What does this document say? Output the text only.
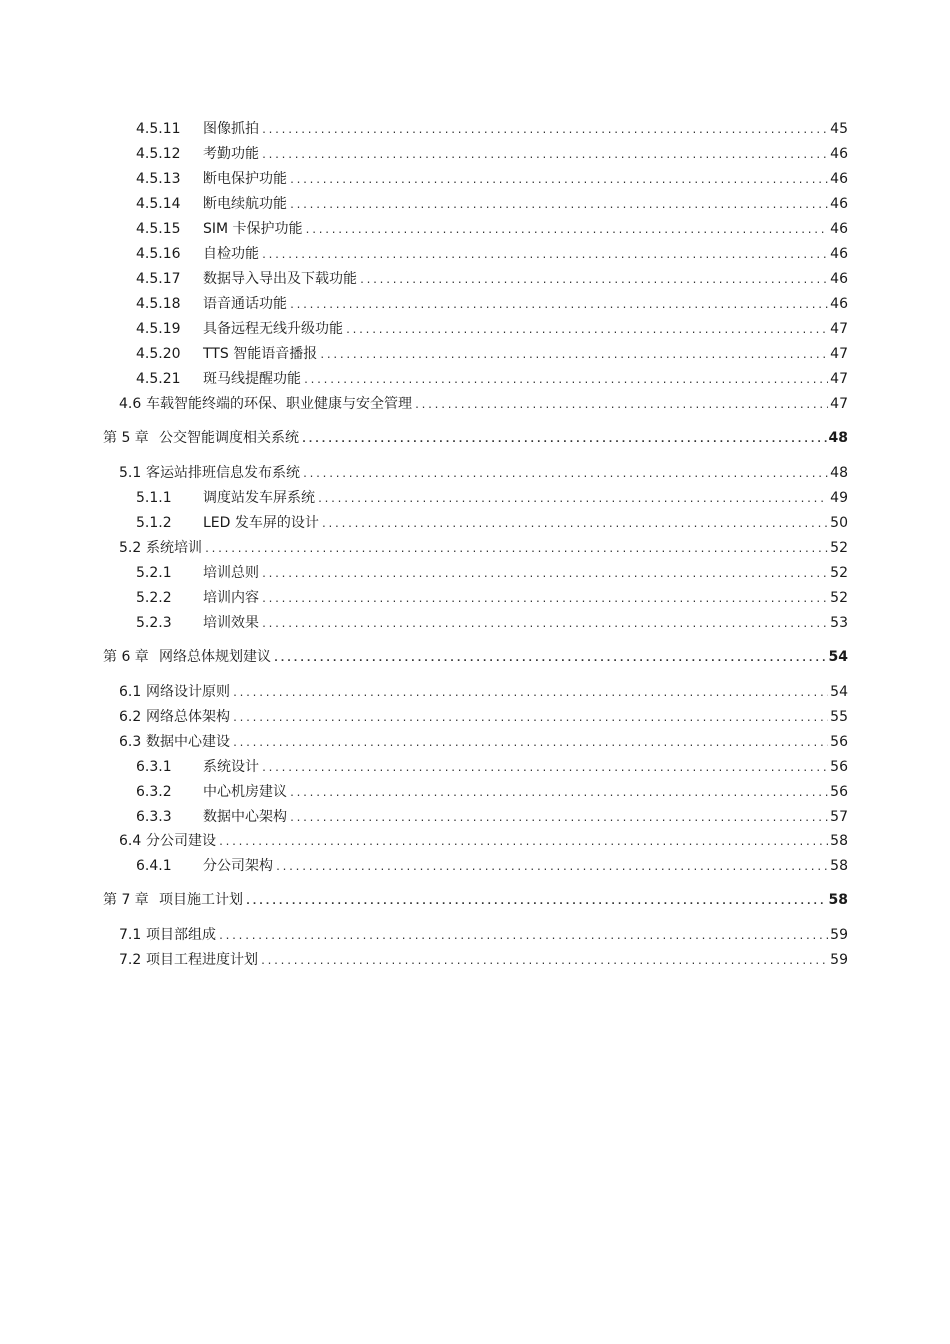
4.5.11	图像抓拍 .....	45
4.5.12	考勤功能 .....	46
4.5.13	断电保护功能 .....	46
4.5.14	断电续航功能 .....	46
4.5.15	SIM 卡保护功能 .....	46
4.5.16	自检功能 .....	46
4.5.17	数据导入导出及下载功能 .....	46
4.5.18	语音通话功能 .....	46
4.5.19	具备远程无线升级功能 .....	47
4.5.20	TTS 智能语音播报 .....	47
4.5.21	斑马线提醒功能 .....	47
4.6 车载智能终端的环保、职业健康与安全管理 .....	47
第 5 章 公交智能调度相关系统 .....	48
5.1 客运站排班信息发布系统 .....	48
5.1.1	调度站发车屏系统 .....	49
5.1.2	LED 发车屏的设计 .....	50
5.2 系统培训 .....	52
5.2.1	培训总则 .....	52
5.2.2	培训内容 .....	52
5.2.3	培训效果 .....	53
第 6 章 网络总体规划建议 .....	54
6.1 网络设计原则 .....	54
6.2 网络总体架构 .....	55
6.3 数据中心建设 .....	56
6.3.1	系统设计 .....	56
6.3.2	中心机房建议 .....	56
6.3.3	数据中心架构 .....	57
6.4 分公司建设 .....	58
6.4.1	分公司架构 .....	58
第 7 章 项目施工计划 .....	58
7.1 项目部组成 .....	59
7.2 项目工程进度计划 .....	59
